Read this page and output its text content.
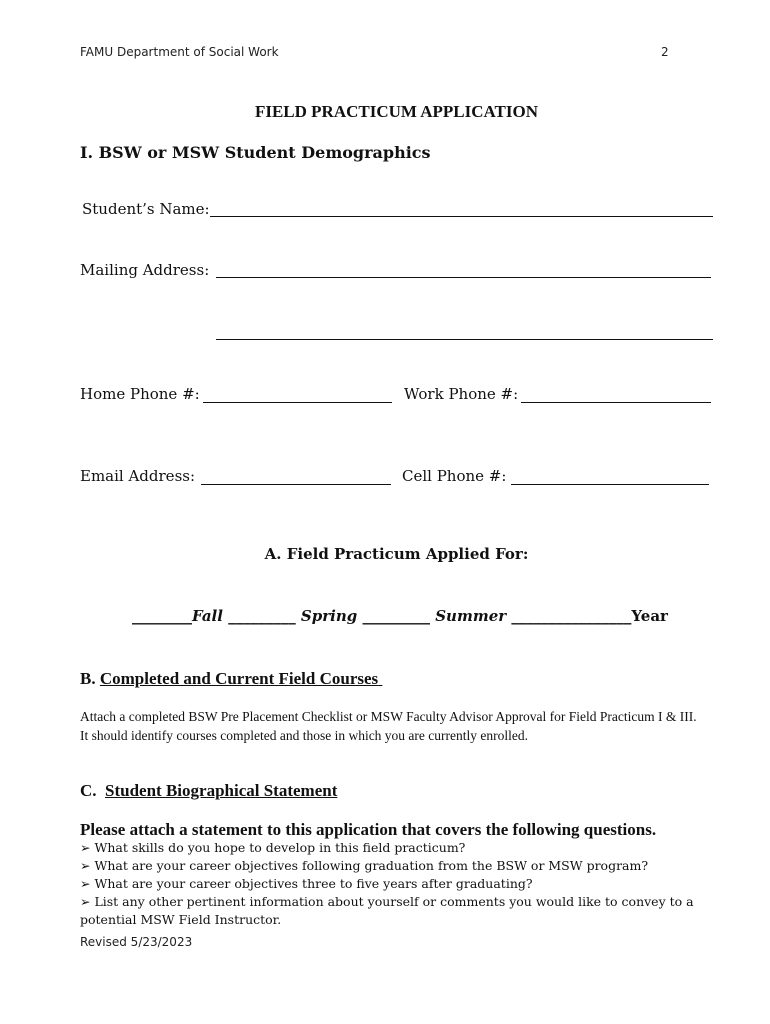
FAMU Department of Social Work	2
FIELD PRACTICUM APPLICATION
I. BSW or MSW Student Demographics
Student’s Name:
Mailing Address:
Home Phone #:	Work Phone #:
Email Address:	Cell Phone #:
A. Field Practicum Applied For:
________Fall _________ Spring _________ Summer ________________Year
B. Completed and Current Field Courses
Attach a completed BSW Pre Placement Checklist or MSW Faculty Advisor Approval for Field Practicum I & III. It should identify courses completed and those in which you are currently enrolled.
C. Student Biographical Statement
Please attach a statement to this application that covers the following questions.
➢ What skills do you hope to develop in this field practicum?
➢ What are your career objectives following graduation from the BSW or MSW program?
➢ What are your career objectives three to five years after graduating?
➢ List any other pertinent information about yourself or comments you would like to convey to a
potential MSW Field Instructor.
Revised 5/23/2023
